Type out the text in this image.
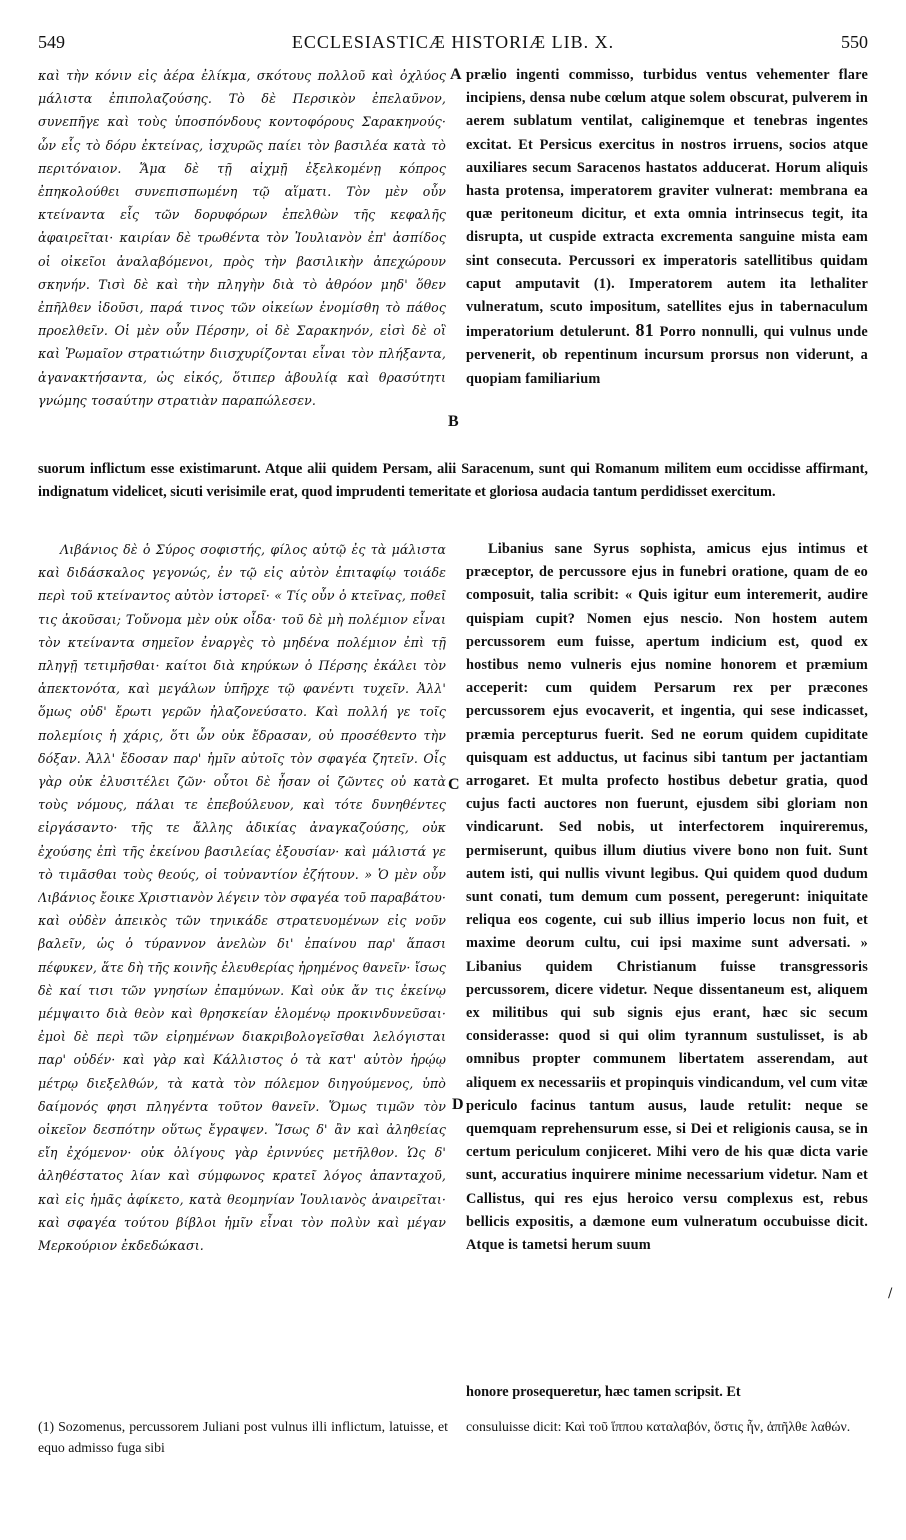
549	ECCLESIASTICÆ HISTORIÆ LIB. X.	550
καὶ τὴν κόνιν εἰς ἀέρα ἐλίκμα, σκότους πολλοῦ καὶ ὀχλύος μάλιστα ἐπιπολαζούσης. Τὸ δὲ Περσικὸν ἐπελαῦνον, συνεπῆγε καὶ τοὺς ὑποσπόνδους κοντοφόρους Σαρακηνούς· ὧν εἷς τὸ δόρυ ἐκτείνας, ἰσχυρῶς παίει τὸν βασιλέα κατὰ τὸ περιτόναιον. Ἅμα δὲ τῇ αἰχμῇ ἐξελκομένῃ κόπρος ἐπηκολούθει συνεπισπωμένη τῷ αἵματι. Τὸν μὲν οὖν κτείναντα εἷς τῶν δορυφόρων ἐπελθὼν τῆς κεφαλῆς ἀφαιρεῖται· καιρίαν δὲ τρωθέντα τὸν Ἰουλιανὸν ἐπ' ἀσπίδος οἱ οἰκεῖοι ἀναλαβόμενοι, πρὸς τὴν βασιλικὴν ἀπεχώρουν σκηνήν. Τισὶ δὲ καὶ τὴν πληγὴν διὰ τὸ ἀθρόον μηδ' ὅθεν ἐπῆλθεν ἰδοῦσι, παρά τινος τῶν οἰκείων ἐνομίσθη τὸ πάθος προελθεῖν. Οἱ μὲν οὖν Πέρσην, οἱ δὲ Σαρακηνόν, εἰσὶ δὲ οἳ καὶ Ῥωμαῖον στρατιώτην διισχυρίζονται εἶναι τὸν πλήξαντα, ἀγανακτήσαντα, ὡς εἰκός, ὅτιπερ ἀβουλίᾳ καὶ θρασύτητι γνώμης τοσαύτην στρατιὰν παραπώλεσεν.
A prælio ingenti commisso, turbidus ventus vehementer flare incipiens, densa nube cœlum atque solem obscurat, pulverem in aerem sublatum ventilat, caliginemque et tenebras ingentes excitat. Et Persicus exercitus in nostros irruens, socios atque auxiliares secum Saracenos hastatos adducerat. Horum aliquis hasta protensa, imperatorem graviter vulnerat: membrana ea quæ peritoneum dicitur, et exta omnia intrinsecus tegit, ita disrupta, ut cuspide extracta excrementa sanguine mista eam sint consecuta. Percussori ex imperatoris satellitibus quidam caput amputavit (1). Imperatorem autem ita lethaliter vulneratum, scuto impositum, satellites ejus in tabernaculum imperatorium detulerunt. 81 Porro nonnulli, qui vulnus unde pervenerit, ob repentinum incursum prorsus non viderunt, a quopiam familiarium
B
suorum inflictum esse existimarunt. Atque alii quidem Persam, alii Saracenum, sunt qui Romanum militem eum occidisse affirmant, indignatum videlicet, sicuti verisimile erat, quod imprudenti temeritate et gloriosa audacia tantum perdidisset exercitum.
Λιβάνιος δὲ ὁ Σύρος σοφιστής, φίλος αὐτῷ ἐς τὰ μάλιστα καὶ διδάσκαλος γεγονώς, ἐν τῷ εἰς αὐτὸν ἐπιταφίῳ τοιάδε περὶ τοῦ κτείναντος αὐτὸν ἱστορεῖ· « Τίς οὖν ὁ κτεῖνας, ποθεῖ τις ἀκοῦσαι; Τοὔνομα μὲν οὐκ οἶδα· τοῦ δὲ μὴ πολέμιον εἶναι τὸν κτείναντα σημεῖον ἐναργὲς τὸ μηδένα πολέμιον ἐπὶ τῇ πληγῇ τετιμῆσθαι· καίτοι διὰ κηρύκων ὁ Πέρσης ἐκάλει τὸν ἀπεκτονότα, καὶ μεγάλων ὑπῆρχε τῷ φανέντι τυχεῖν. Ἀλλ' ὅμως οὐδ' ἔρωτι γερῶν ἠλαζονεύσατο. Καὶ πολλή γε τοῖς πολεμίοις ἡ χάρις, ὅτι ὧν οὐκ ἔδρασαν, οὐ προσέθεντο τὴν δόξαν. Ἀλλ' ἔδοσαν παρ' ἡμῖν αὐτοῖς τὸν σφαγέα ζητεῖν. Οἷς γὰρ οὐκ ἐλυσιτέλει ζῶν· οὗτοι δὲ ἦσαν οἱ ζῶντες οὐ κατὰ τοὺς νόμους, πάλαι τε ἐπεβούλευον, καὶ τότε δυνηθέντες εἰργάσαντο· τῆς τε ἄλλης ἀδικίας ἀναγκαζούσης, οὐκ ἐχούσης ἐπὶ τῆς ἐκείνου βασιλείας ἐξουσίαν· καὶ μάλιστά γε τὸ τιμᾶσθαι τοὺς θεούς, οἱ τοὐναντίον ἐζήτουν. » Ὁ μὲν οὖν Λιβάνιος ἔοικε Χριστιανὸν λέγειν τὸν σφαγέα τοῦ παραβάτου· καὶ οὐδὲν ἀπεικὸς τῶν τηνικάδε στρατευομένων εἰς νοῦν βαλεῖν, ὡς ὁ τύραννον ἀνελὼν δι' ἐπαίνου παρ' ἅπασι πέφυκεν, ἅτε δὴ τῆς κοινῆς ἐλευθερίας ἠρημένος θανεῖν· ἴσως δὲ καί τισι τῶν γνησίων ἐπαμύνων. Καὶ οὐκ ἄν τις ἐκείνῳ μέμψαιτο διὰ θεὸν καὶ θρησκείαν ἑλομένῳ προκινδυνεῦσαι· ἐμοὶ δὲ περὶ τῶν εἰρημένων διακριβολογεῖσθαι λελόγισται παρ' οὐδέν· καὶ γὰρ καὶ Κάλλιστος ὁ τὰ κατ' αὐτὸν ἡρῴῳ μέτρῳ διεξελθών, τὰ κατὰ τὸν πόλεμον διηγούμενος, ὑπὸ δαίμονός φησι πληγέντα τοῦτον θανεῖν. Ὅμως τιμῶν τὸν οἰκεῖον δεσπότην οὕτως ἔγραψεν. Ἴσως δ' ἂν καὶ ἀληθείας εἴη ἐχόμενον· οὐκ ὀλίγους γὰρ ἐριννύες μετῆλθον. Ὡς δ' ἀληθέστατος λίαν καὶ σύμφωνος κρατεῖ λόγος ἁπανταχοῦ, καὶ εἰς ἡμᾶς ἀφίκετο, κατὰ θεομηνίαν Ἰουλιανὸς ἀναιρεῖται· καὶ σφαγέα τούτου βίβλοι ἡμῖν εἶναι τὸν πολὺν καὶ μέγαν Μερκούριον ἐκδεδώκασι.
Libanius sane Syrus sophista, amicus ejus intimus et præceptor, de percussore ejus in funebri oratione, quam de eo composuit, talia scribit: « Quis igitur eum interemerit, audire quispiam cupit? Nomen ejus nescio. Non hostem autem percussorem eum fuisse, apertum indicium est, quod ex hostibus nemo vulneris ejus nomine honorem et præmium acceperit: cum quidem Persarum rex per præcones percussorem ejus evocaverit, et ingentia, qui sese indicasset, præmia percepturus fuerit. Sed ne eorum quidem cupiditate quisquam est adductus, ut facinus sibi tantum per jactantiam arrogaret. Et multa profecto hostibus debetur gratia, quod cujus facti auctores non fuerunt, ejusdem sibi gloriam non vindicarunt. Sed nobis, ut interfectorem inquireremus, permiserunt, quibus illum diutius vivere bono non fuit. Sunt autem isti, qui nullis vivunt legibus. Qui quidem quod dudum sunt conati, tum demum cum possent, peregerunt: iniquitate reliqua eos cogente, cui sub illius imperio locus non fuit, et maxime deorum cultu, cui ipsi maxime sunt adversati. » Libanius quidem Christianum fuisse transgressoris percussorem, dicere videtur. Neque dissentaneum est, aliquem ex militibus qui sub signis ejus erant, hæc sic secum considerasse: quod si qui olim tyrannum sustulisset, is ab omnibus propter communem libertatem asserendam, aut aliquem ex necessariis et propinquis vindicandum, vel cum vitæ periculo facinus tantum ausus, laude retulit: neque se quemquam reprehensurum esse, si Dei et religionis causa, se in certum periculum conjiceret. Mihi vero de his quæ dicta varie sunt, accuratius inquirere minime necessarium videtur. Nam et Callistus, qui res ejus heroico versu complexus est, rebus bellicis expositis, a dæmone eum vulneratum occubuisse dicit. Atque is tametsi herum suum
C
D
honore prosequeretur, hæc tamen scripsit. Et
(1) Sozomenus, percussorem Juliani post vulnus illi inflictum, latuisse, et equo admisso fuga sibi
consuluisse dicit: Καὶ τοῦ ἵππου καταλαβόν, ὅστις ἦν, ἀπῆλθε λαθών.
/
